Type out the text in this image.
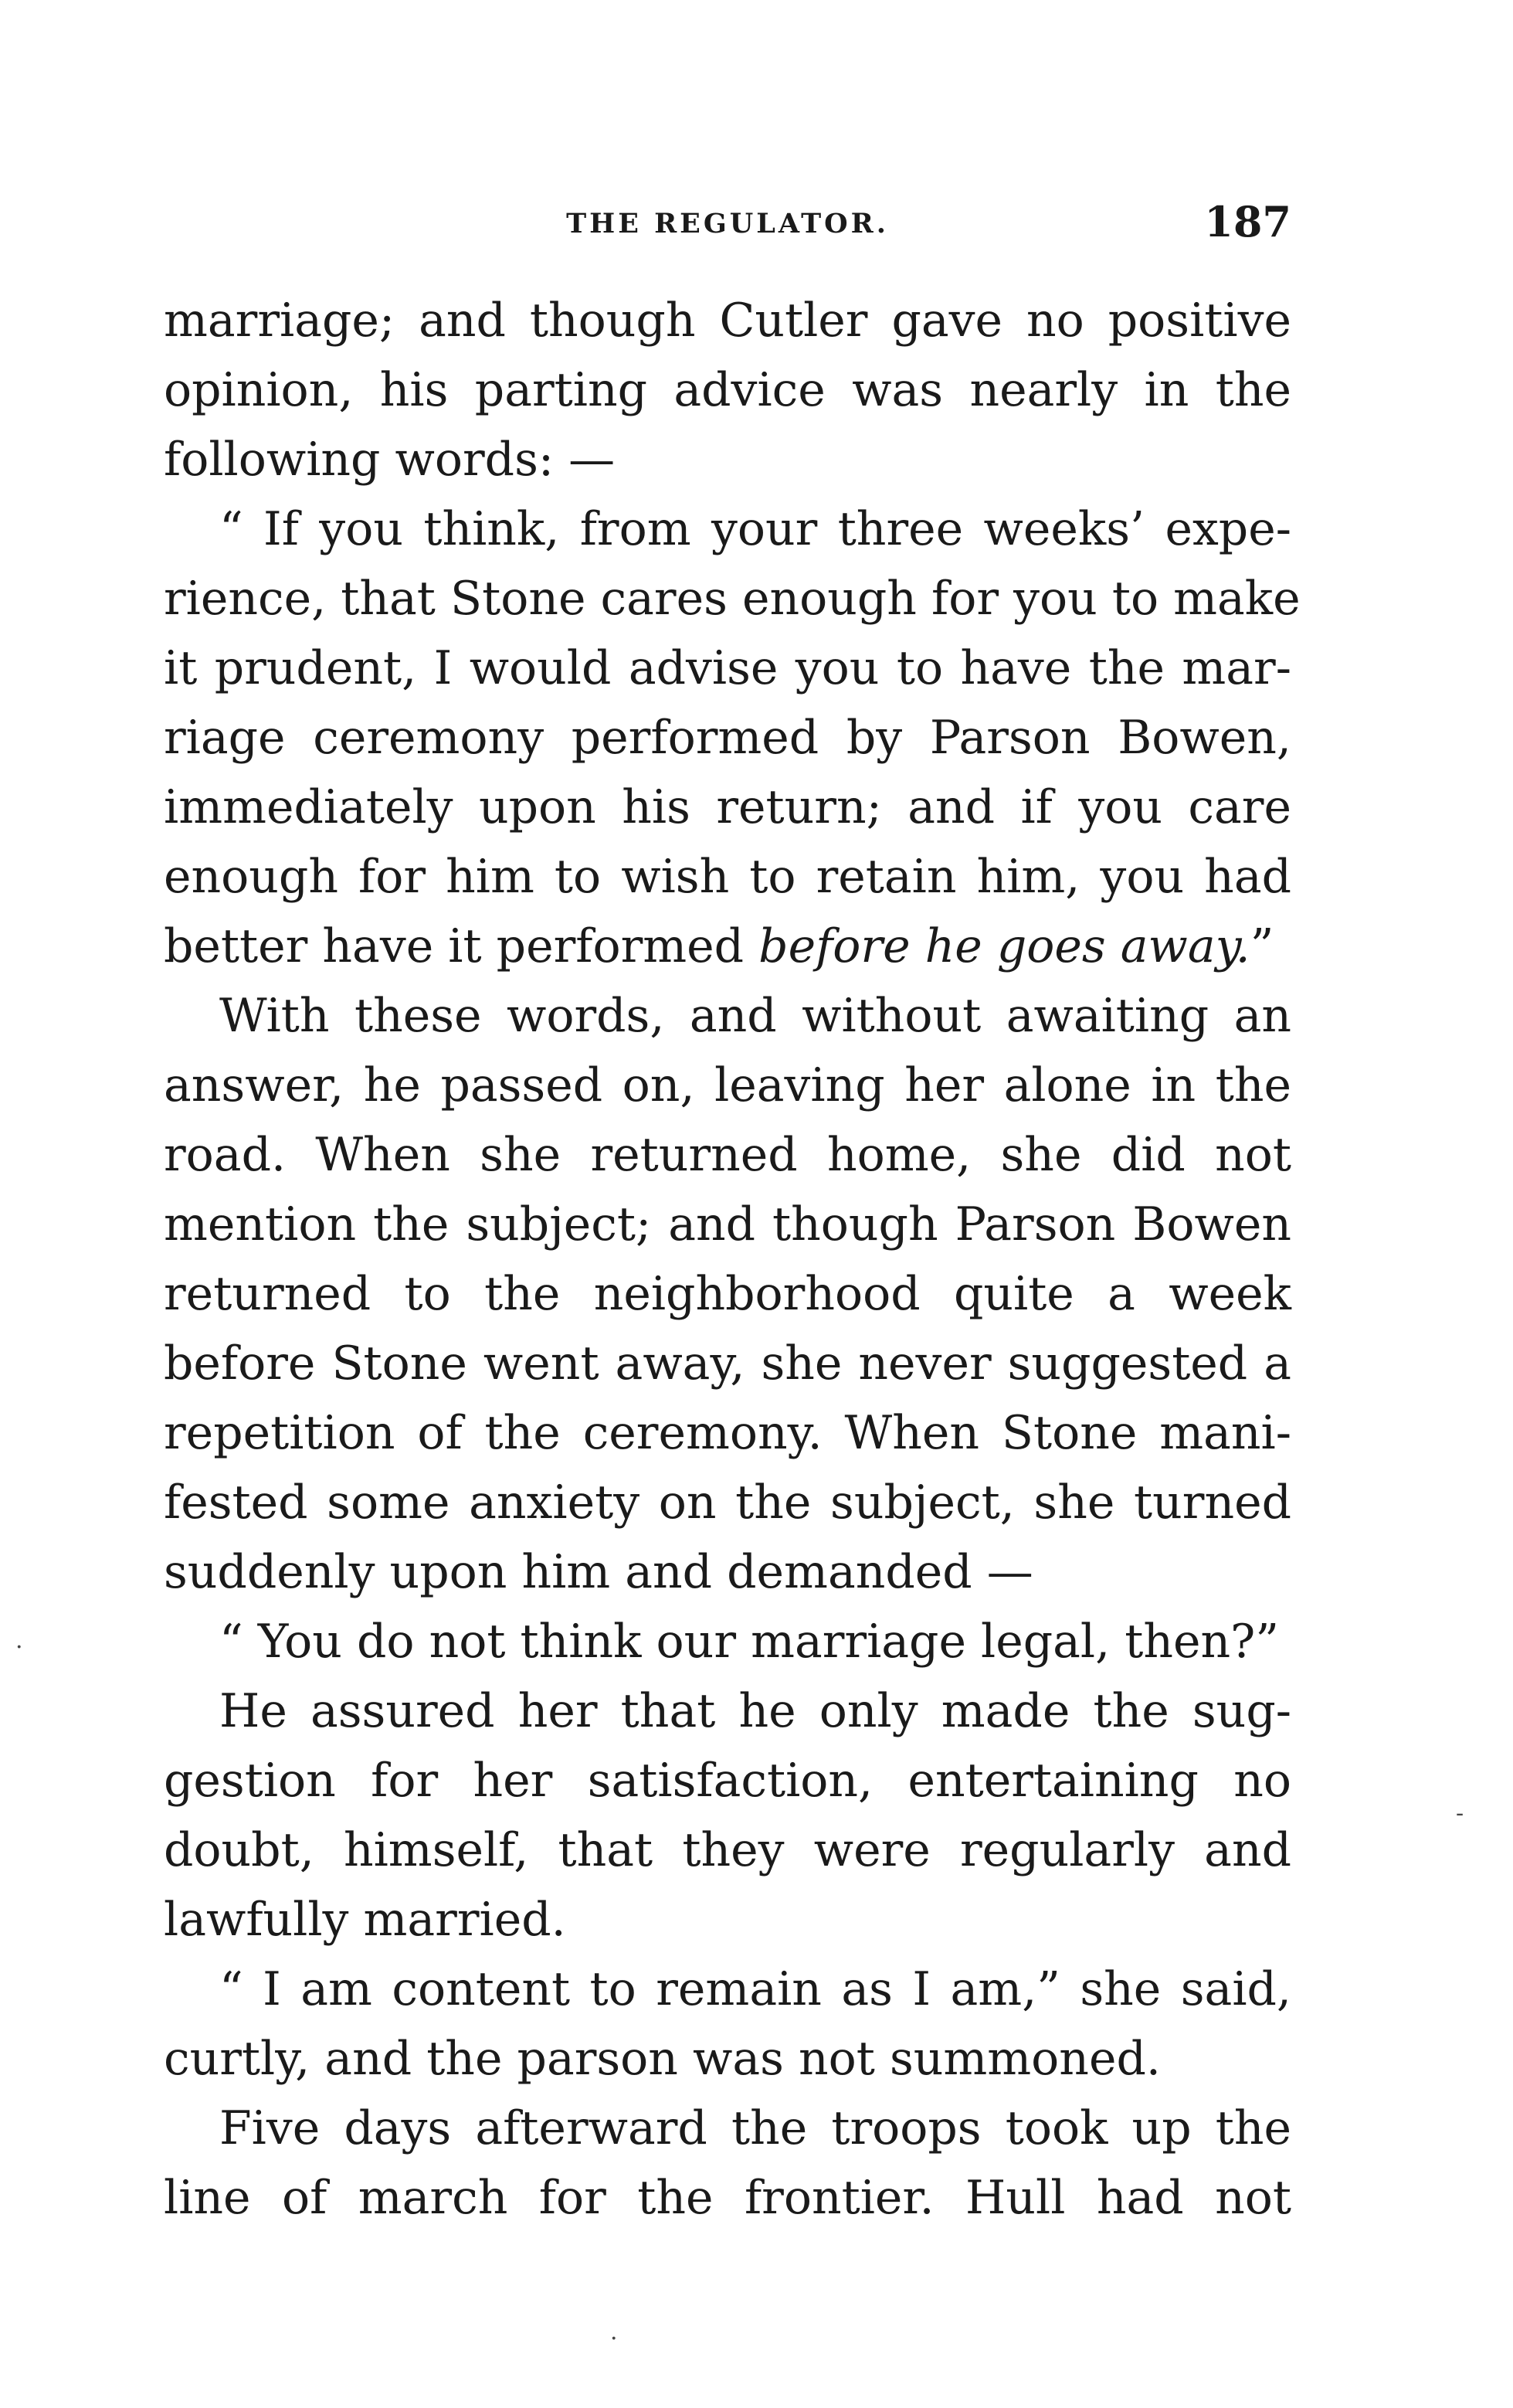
THE REGULATOR.	187
marriage; and though Cutler gave no positive
opinion, his parting advice was nearly in the
following words: —
“ If you think, from your three weeks’ expe-
rience, that Stone cares enough for you to make
it prudent, I would advise you to have the mar-
riage ceremony performed by Parson Bowen,
immediately upon his return; and if you care
enough for him to wish to retain him, you had
better have it performed before he goes away.”
With these words, and without awaiting an
answer, he passed on, leaving her alone in the
road. When she returned home, she did not
mention the subject; and though Parson Bowen
returned to the neighborhood quite a week
before Stone went away, she never suggested a
repetition of the ceremony. When Stone mani-
fested some anxiety on the subject, she turned
suddenly upon him and demanded —
“ You do not think our marriage legal, then?”
He assured her that he only made the sug-
gestion for her satisfaction, entertaining no
doubt, himself, that they were regularly and
lawfully married.
“ I am content to remain as I am,” she said,
curtly, and the parson was not summoned.
Five days afterward the troops took up the
line of march for the frontier. Hull had not
·
-
·
